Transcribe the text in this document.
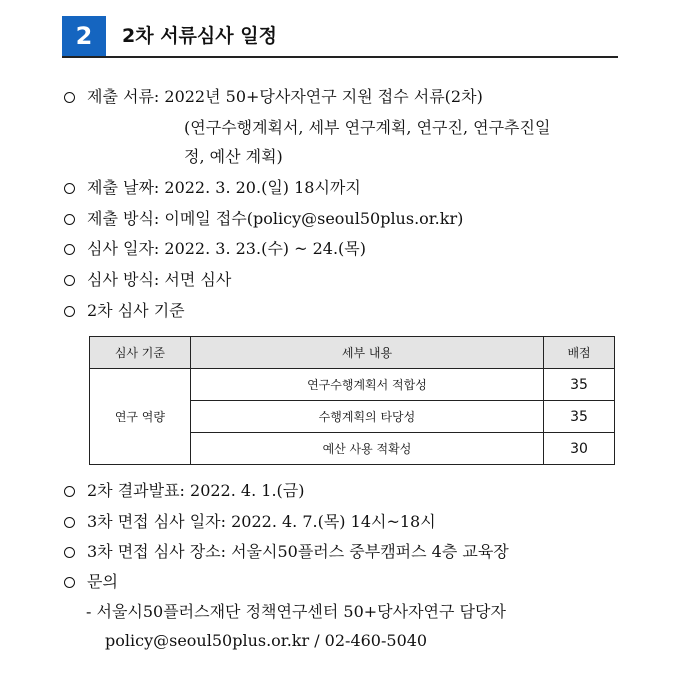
2	2차 서류심사 일정
제출 서류: 2022년 50+당사자연구 지원 접수 서류(2차)
(연구수행계획서, 세부 연구계획, 연구진, 연구추진일
정, 예산 계획)
제출 날짜: 2022. 3. 20.(일) 18시까지
제출 방식: 이메일 접수(policy@seoul50plus.or.kr)
심사 일자: 2022. 3. 23.(수) ~ 24.(목)
심사 방식: 서면 심사
2차 심사 기준
심사 기준	세부 내용	배점
연구 역량	연구수행계획서 적합성	35
	수행계획의 타당성	35
	예산 사용 적확성	30
2차 결과발표: 2022. 4. 1.(금)
3차 면접 심사 일자: 2022. 4. 7.(목) 14시~18시
3차 면접 심사 장소: 서울시50플러스 중부캠퍼스 4층 교육장
문의
- 서울시50플러스재단 정책연구센터 50+당사자연구 담당자
policy@seoul50plus.or.kr / 02-460-5040
